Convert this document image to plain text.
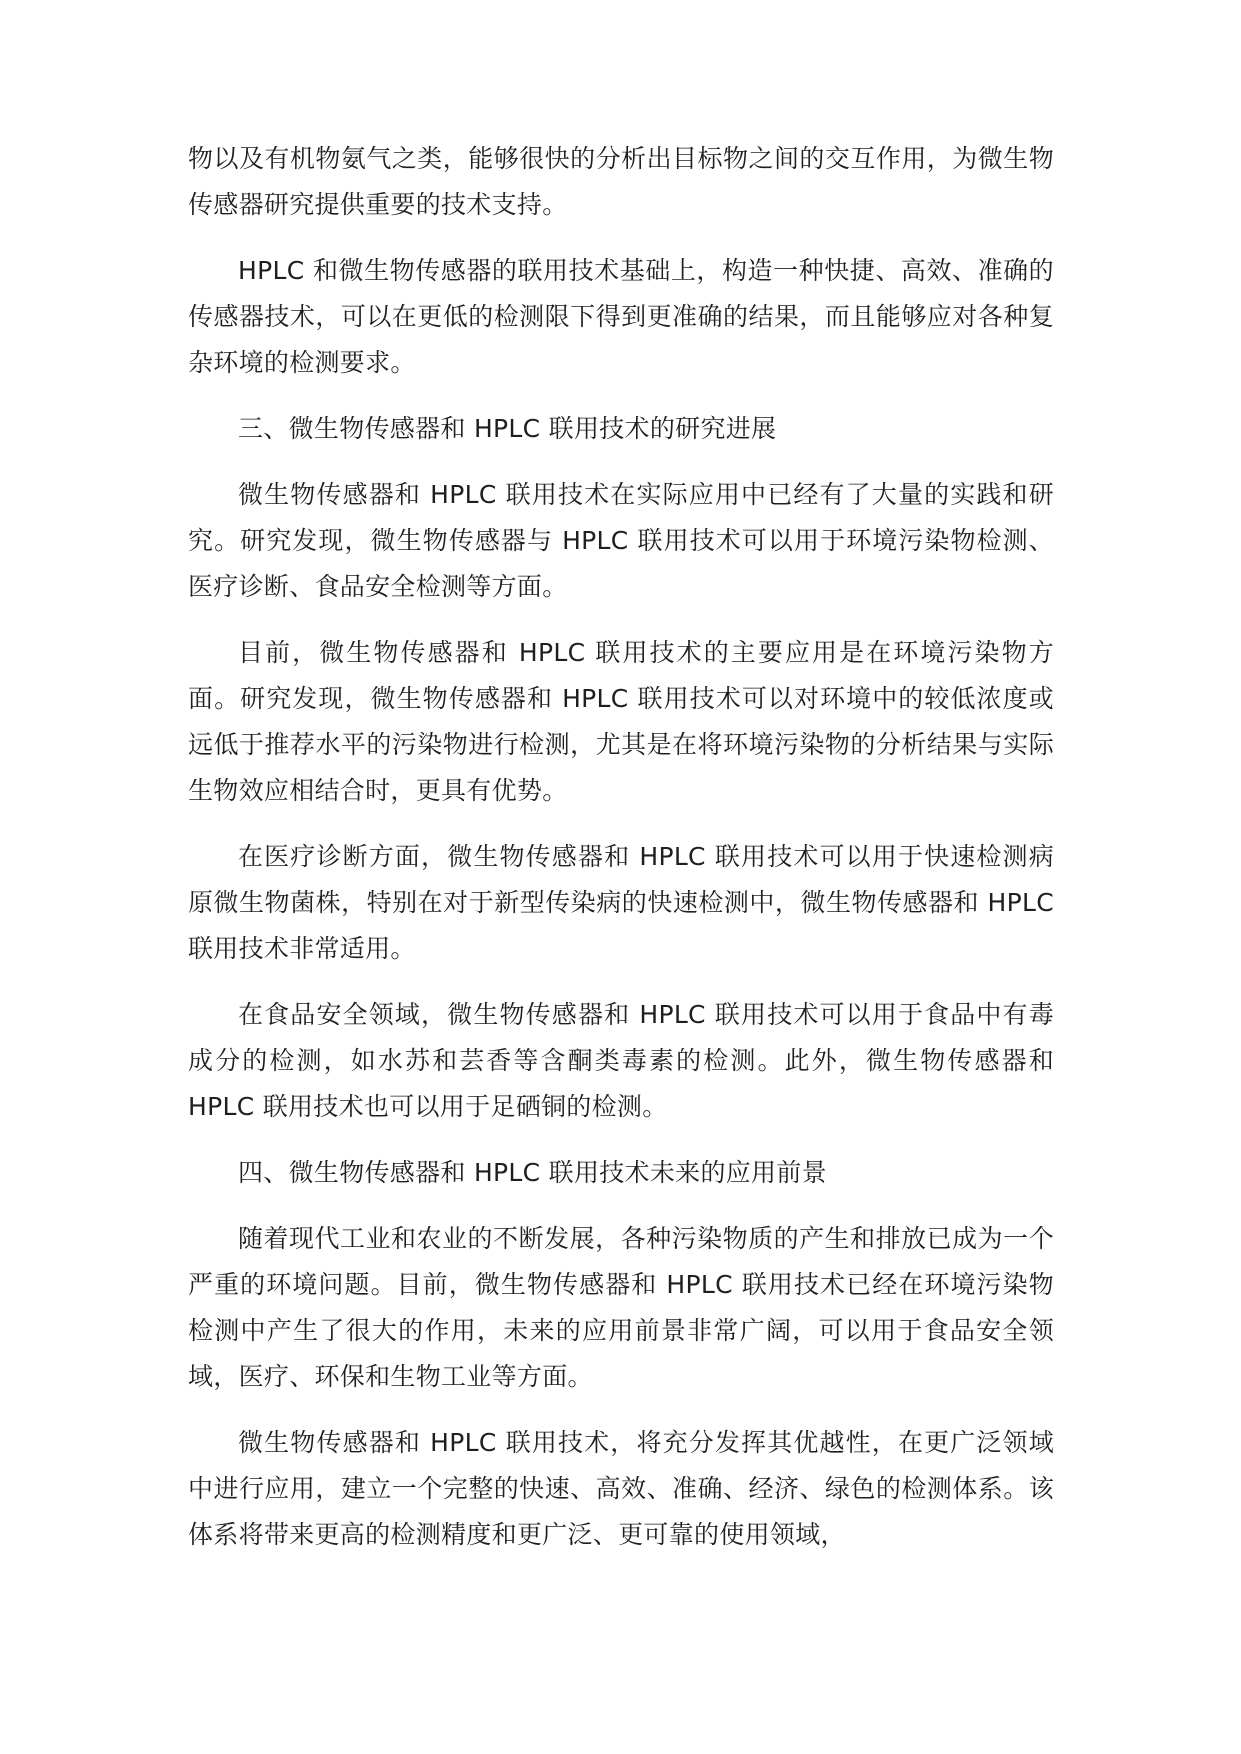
物以及有机物氨气之类，能够很快的分析出目标物之间的交互作用，为微生物传感器研究提供重要的技术支持。

HPLC 和微生物传感器的联用技术基础上，构造一种快捷、高效、准确的传感器技术，可以在更低的检测限下得到更准确的结果，而且能够应对各种复杂环境的检测要求。

三、微生物传感器和 HPLC 联用技术的研究进展

微生物传感器和 HPLC 联用技术在实际应用中已经有了大量的实践和研究。研究发现，微生物传感器与 HPLC 联用技术可以用于环境污染物检测、医疗诊断、食品安全检测等方面。

目前，微生物传感器和 HPLC 联用技术的主要应用是在环境污染物方面。研究发现，微生物传感器和 HPLC 联用技术可以对环境中的较低浓度或远低于推荐水平的污染物进行检测，尤其是在将环境污染物的分析结果与实际生物效应相结合时，更具有优势。

在医疗诊断方面，微生物传感器和 HPLC 联用技术可以用于快速检测病原微生物菌株，特别在对于新型传染病的快速检测中，微生物传感器和 HPLC 联用技术非常适用。

在食品安全领域，微生物传感器和 HPLC 联用技术可以用于食品中有毒成分的检测，如水苏和芸香等含酮类毒素的检测。此外，微生物传感器和 HPLC 联用技术也可以用于足硒铜的检测。

四、微生物传感器和 HPLC 联用技术未来的应用前景

随着现代工业和农业的不断发展，各种污染物质的产生和排放已成为一个严重的环境问题。目前，微生物传感器和 HPLC 联用技术已经在环境污染物检测中产生了很大的作用，未来的应用前景非常广阔，可以用于食品安全领域，医疗、环保和生物工业等方面。

微生物传感器和 HPLC 联用技术，将充分发挥其优越性，在更广泛领域中进行应用，建立一个完整的快速、高效、准确、经济、绿色的检测体系。该体系将带来更高的检测精度和更广泛、更可靠的使用领域，
